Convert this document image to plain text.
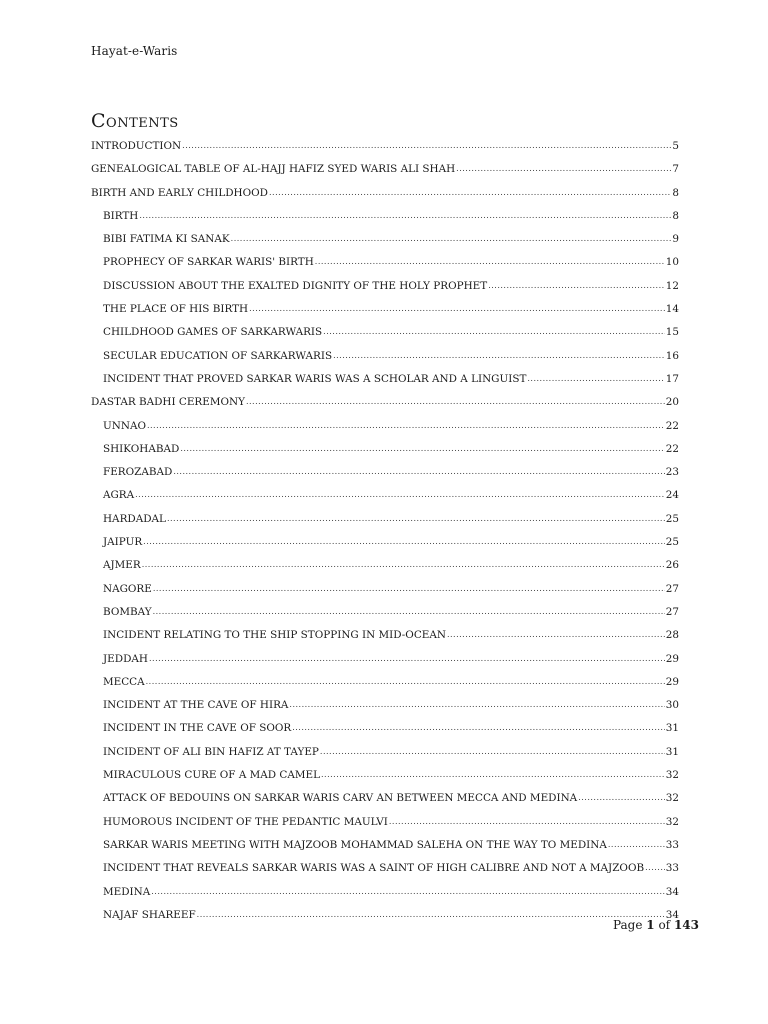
Hayat-e-Waris
Contents
INTRODUCTION .....	5
GENEALOGICAL TABLE OF AL-HAJJ HAFIZ SYED WARIS ALI SHAH .....	7
BIRTH AND EARLY CHILDHOOD .....	8
BIRTH .....	8
BIBI FATIMA KI SANAK .....	9
PROPHECY OF SARKAR WARIS' BIRTH .....	10
DISCUSSION ABOUT THE EXALTED DIGNITY OF THE HOLY PROPHET .....	12
THE PLACE OF HIS BIRTH .....	14
CHILDHOOD GAMES OF SARKARWARIS .....	15
SECULAR EDUCATION OF SARKARWARIS .....	16
INCIDENT THAT PROVED SARKAR WARIS WAS A SCHOLAR AND A LINGUIST .....	17
DASTAR BADHI CEREMONY .....	20
UNNAO .....	22
SHIKOHABAD .....	22
FEROZABAD .....	23
AGRA .....	24
HARDADAL .....	25
JAIPUR .....	25
AJMER .....	26
NAGORE .....	27
BOMBAY .....	27
INCIDENT RELATING TO THE SHIP STOPPING IN MID-OCEAN .....	28
JEDDAH .....	29
MECCA .....	29
INCIDENT AT THE CAVE OF HIRA .....	30
INCIDENT IN THE CAVE OF SOOR .....	31
INCIDENT OF ALI BIN HAFIZ AT TAYEP .....	31
MIRACULOUS CURE OF A MAD CAMEL .....	32
ATTACK OF BEDOUINS ON SARKAR WARIS CARV AN BETWEEN MECCA AND MEDINA .....	32
HUMOROUS INCIDENT OF THE PEDANTIC MAULVI .....	32
SARKAR WARIS MEETING WITH MAJZOOB MOHAMMAD SALEHA ON THE WAY TO MEDINA .....	33
INCIDENT THAT REVEALS SARKAR WARIS WAS A SAINT OF HIGH CALIBRE AND NOT A MAJZOOB ..... 33
MEDINA .....	34
NAJAF SHAREEF .....	34
Page 1 of 143
